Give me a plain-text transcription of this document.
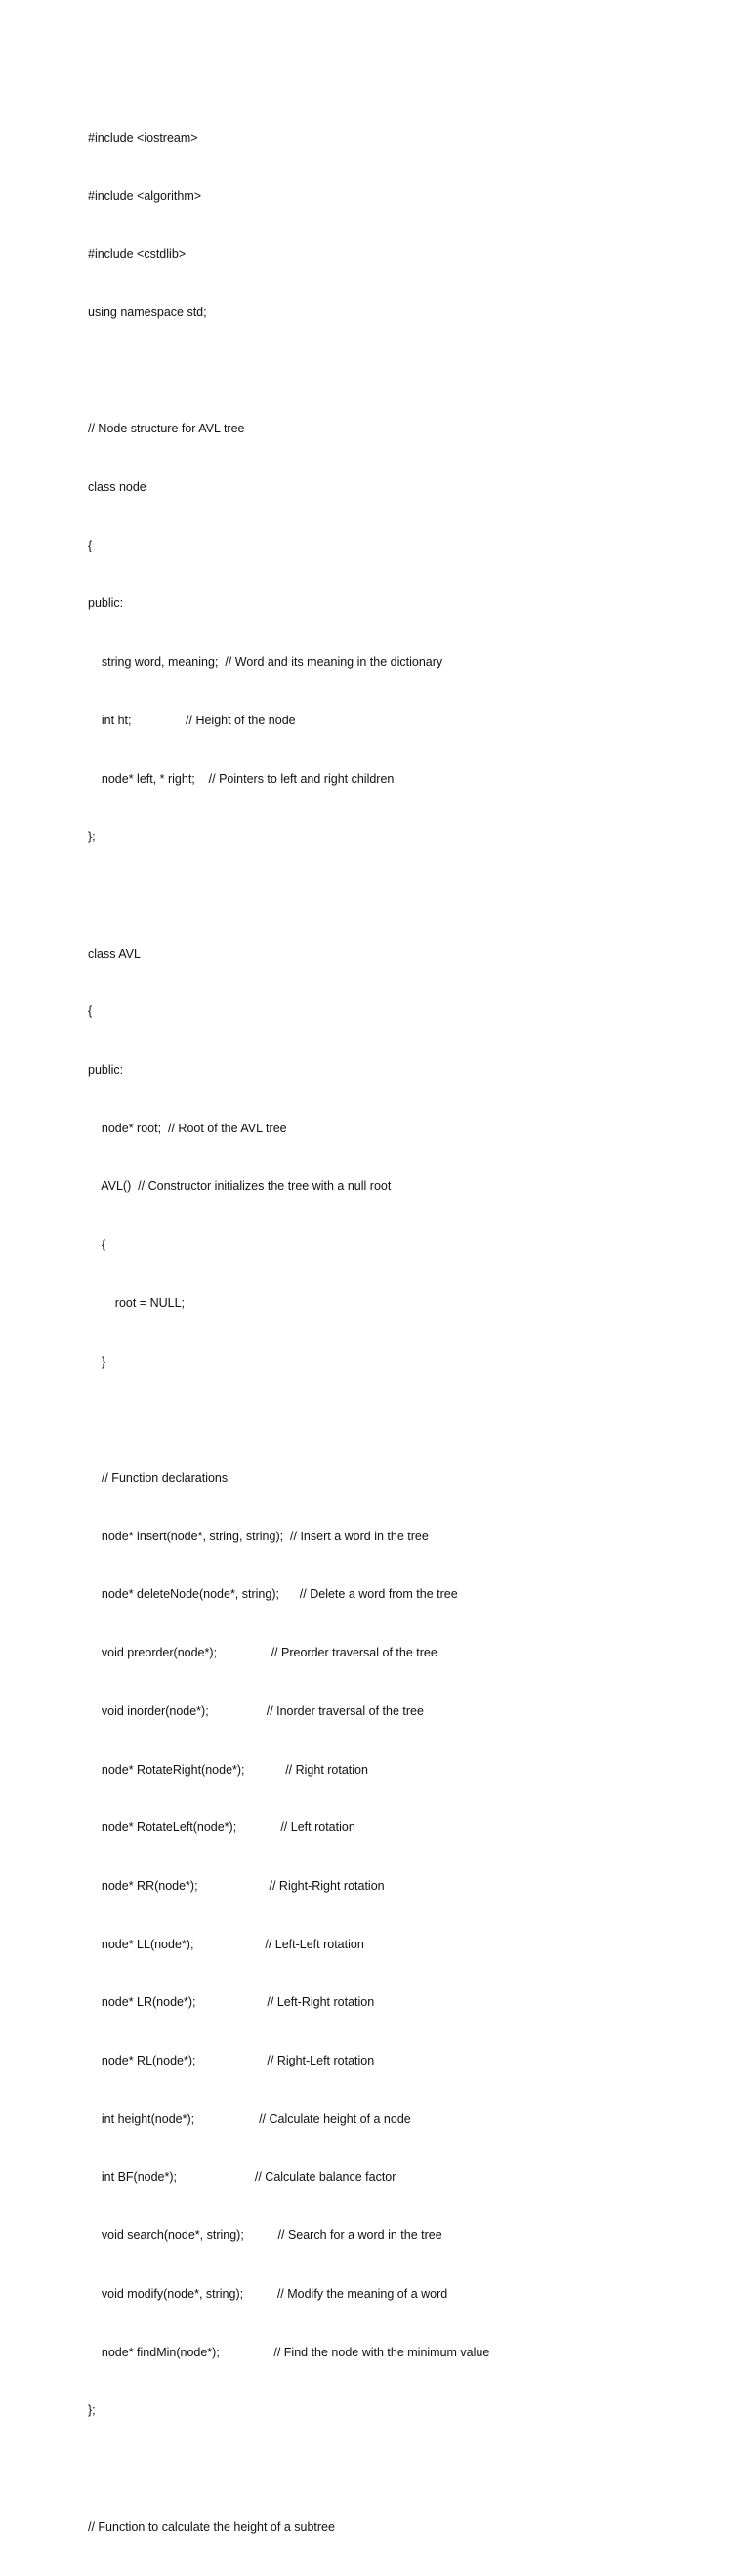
#include <iostream>

#include <algorithm>

#include <cstdlib>

using namespace std;

// Node structure for AVL tree

class node

{

public:

string word, meaning;  // Word and its meaning in the dictionary

int ht;                // Height of the node

node* left, * right;    // Pointers to left and right children

};

class AVL

{

public:

node* root;  // Root of the AVL tree

AVL()  // Constructor initializes the tree with a null root

{

root = NULL;

}

// Function declarations

node* insert(node*, string, string);  // Insert a word in the tree

node* deleteNode(node*, string);      // Delete a word from the tree

void preorder(node*);                // Preorder traversal of the tree

void inorder(node*);                 // Inorder traversal of the tree

node* RotateRight(node*);            // Right rotation

node* RotateLeft(node*);             // Left rotation

node* RR(node*);                     // Right-Right rotation

node* LL(node*);                     // Left-Left rotation

node* LR(node*);                     // Left-Right rotation

node* RL(node*);                     // Right-Left rotation

int height(node*);                   // Calculate height of a node

int BF(node*);                       // Calculate balance factor

void search(node*, string);          // Search for a word in the tree

void modify(node*, string);          // Modify the meaning of a word

node* findMin(node*);                // Find the node with the minimum value

};

// Function to calculate the height of a subtree
